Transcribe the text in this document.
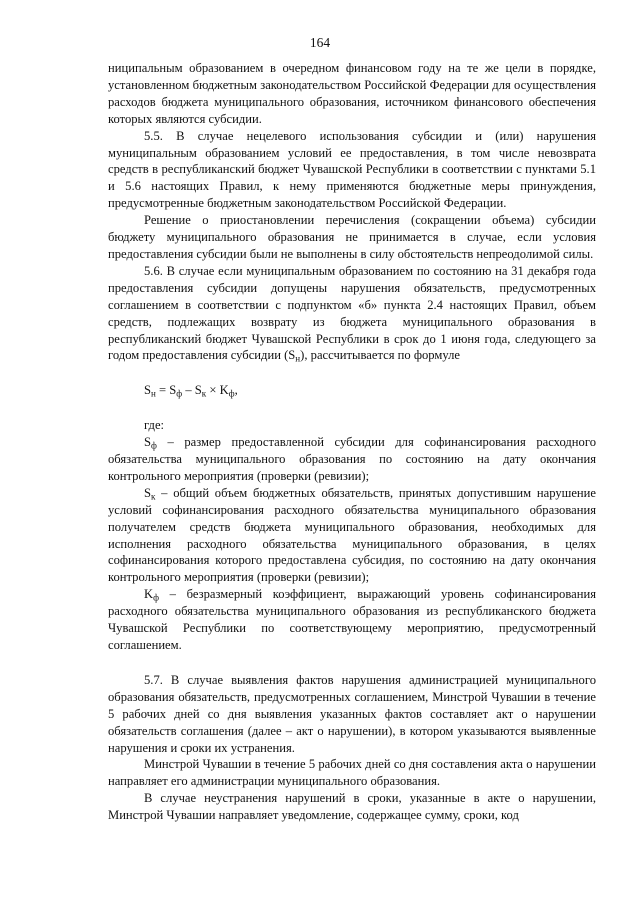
164

ниципальным образованием в очередном финансовом году на те же цели в порядке, установленном бюджетным законодательством Российской Федерации для осуществления расходов бюджета муниципального образования, источником финансового обеспечения которых являются субсидии.

5.5. В случае нецелевого использования субсидии и (или) нарушения муниципальным образованием условий ее предоставления, в том числе невозврата средств в республиканский бюджет Чувашской Республики в соответствии с пунктами 5.1 и 5.6 настоящих Правил, к нему применяются бюджетные меры принуждения, предусмотренные бюджетным законодательством Российской Федерации.

Решение о приостановлении перечисления (сокращении объема) субсидии бюджету муниципального образования не принимается в случае, если условия предоставления субсидии были не выполнены в силу обстоятельств непреодолимой силы.

5.6. В случае если муниципальным образованием по состоянию на 31 декабря года предоставления субсидии допущены нарушения обязательств, предусмотренных соглашением в соответствии с подпунктом «б» пункта 2.4 настоящих Правил, объем средств, подлежащих возврату из бюджета муниципального образования в республиканский бюджет Чувашской Республики в срок до 1 июня года, следующего за годом предоставления субсидии $(S_н)$, рассчитывается по формуле

$S_н = S_ф - S_к \times K_ф$,

где:

$S_ф$ – размер предоставленной субсидии для софинансирования расходного обязательства муниципального образования по состоянию на дату окончания контрольного мероприятия (проверки (ревизии);

$S_к$ – общий объем бюджетных обязательств, принятых допустившим нарушение условий софинансирования расходного обязательства муниципального образования получателем средств бюджета муниципального образования, необходимых для исполнения расходного обязательства муниципального образования, в целях софинансирования которого предоставлена субсидия, по состоянию на дату окончания контрольного мероприятия (проверки (ревизии);

$K_ф$ – безразмерный коэффициент, выражающий уровень софинансирования расходного обязательства муниципального образования из республиканского бюджета Чувашской Республики по соответствующему мероприятию, предусмотренный соглашением.

5.7. В случае выявления фактов нарушения администрацией муниципального образования обязательств, предусмотренных соглашением, Минстрой Чувашии в течение 5 рабочих дней со дня выявления указанных фактов составляет акт о нарушении обязательств соглашения (далее – акт о нарушении), в котором указываются выявленные нарушения и сроки их устранения.

Минстрой Чувашии в течение 5 рабочих дней со дня составления акта о нарушении направляет его администрации муниципального образования.

В случае неустранения нарушений в сроки, указанные в акте о нарушении, Минстрой Чувашии направляет уведомление, содержащее сумму, сроки, код
